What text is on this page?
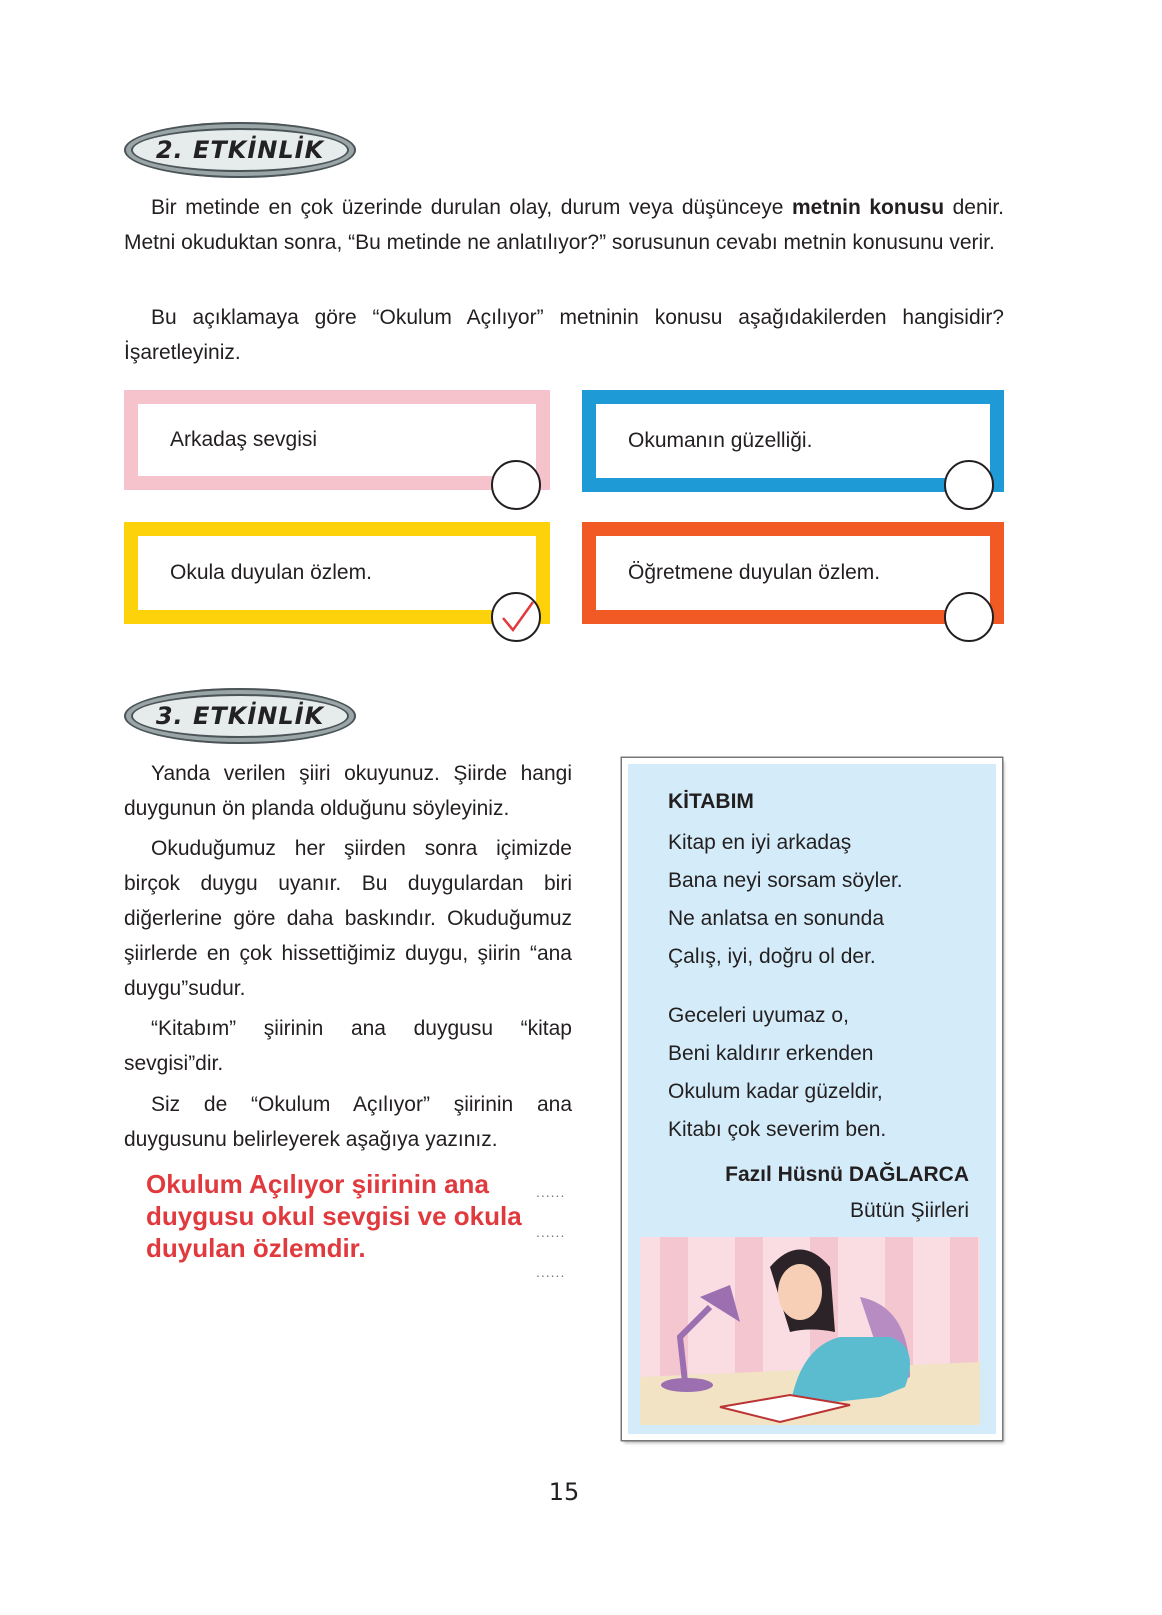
2. ETKİNLİK
Bir metinde en çok üzerinde durulan olay, durum veya düşünceye metnin konusu denir. Metni okuduktan sonra, “Bu metinde ne anlatılıyor?” sorusunun cevabı metnin konusunu verir.
Bu açıklamaya göre “Okulum Açılıyor” metninin konusu aşağıdakilerden hangisidir? İşaretleyiniz.
Arkadaş sevgisi	Okumanın güzelliği.
Okula duyulan özlem.	Öğretmene duyulan özlem.
3. ETKİNLİK
Yanda verilen şiiri okuyunuz. Şiirde hangi duygunun ön planda olduğunu söyleyiniz.
Okuduğumuz her şiirden sonra içimizde birçok duygu uyanır. Bu duygulardan biri diğerlerine göre daha baskındır. Okuduğumuz şiirlerde en çok hissettiğimiz duygu, şiirin “ana duygu”sudur.
“Kitabım” şiirinin ana duygusu “kitap sevgisi”dir.
Siz de “Okulum Açılıyor” şiirinin ana duygusunu belirleyerek aşağıya yazınız.
......
......
......
Okulum Açılıyor şiirinin ana duygusu okul sevgisi ve okula duyulan özlemdir.
KİTABIM
Kitap en iyi arkadaş
Bana neyi sorsam söyler.
Ne anlatsa en sonunda
Çalış, iyi, doğru ol der.
Geceleri uyumaz o,
Beni kaldırır erkenden
Okulum kadar güzeldir,
Kitabı çok severim ben.
Fazıl Hüsnü DAĞLARCA
Bütün Şiirleri
15
